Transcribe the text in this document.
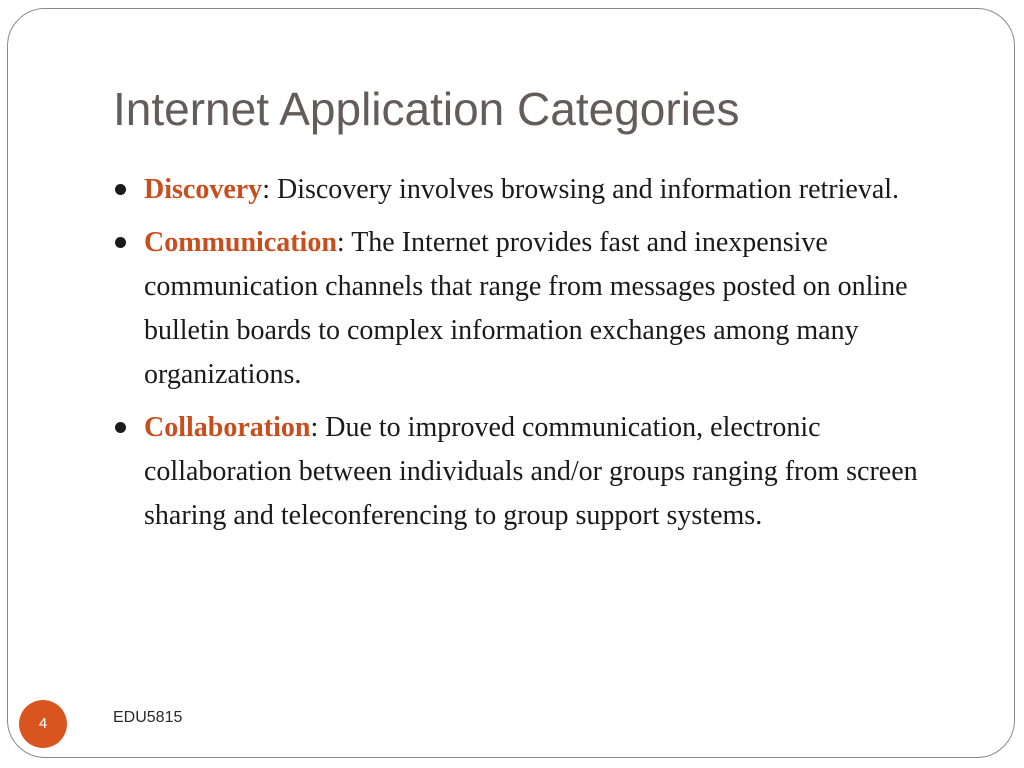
Internet Application Categories
Discovery: Discovery involves browsing and information retrieval.
Communication: The Internet provides fast and inexpensive communication channels that range from messages posted on online bulletin boards to complex information exchanges among many organizations.
Collaboration: Due to improved communication, electronic collaboration between individuals and/or groups ranging from screen sharing and teleconferencing to group support systems.
4	EDU5815
